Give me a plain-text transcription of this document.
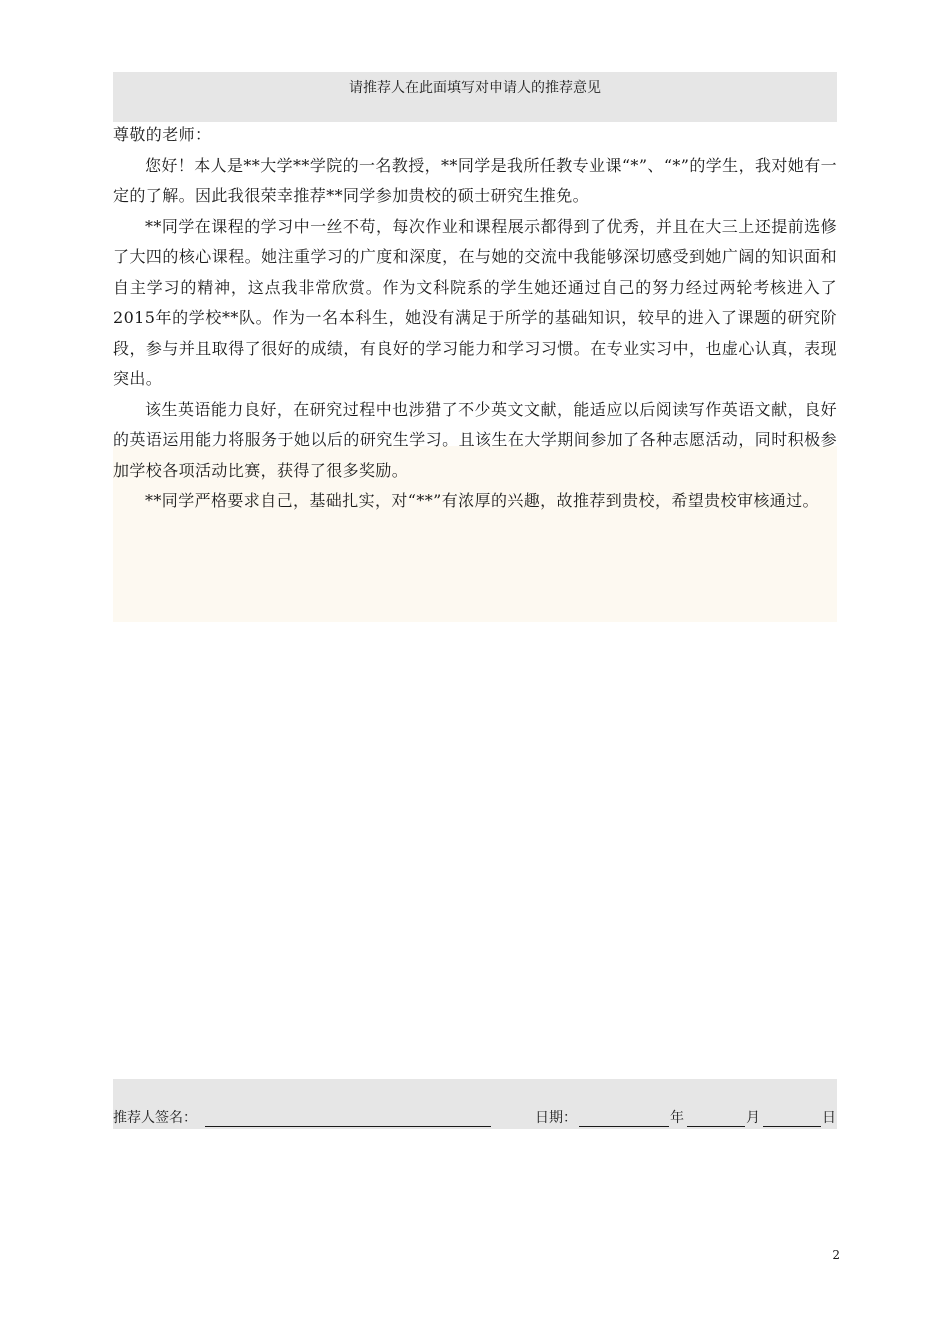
请推荐人在此面填写对申请人的推荐意见

尊敬的老师：

您好！本人是**大学**学院的一名教授，**同学是我所任教专业课“*”、“*”的学生，我对她有一定的了解。因此我很荣幸推荐**同学参加贵校的硕士研究生推免。

**同学在课程的学习中一丝不苟，每次作业和课程展示都得到了优秀，并且在大三上还提前选修了大四的核心课程。她注重学习的广度和深度，在与她的交流中我能够深切感受到她广阔的知识面和自主学习的精神，这点我非常欣赏。作为文科院系的学生她还通过自己的努力经过两轮考核进入了2015年的学校**队。作为一名本科生，她没有满足于所学的基础知识，较早的进入了课题的研究阶段，参与并且取得了很好的成绩，有良好的学习能力和学习习惯。在专业实习中，也虚心认真，表现突出。

该生英语能力良好，在研究过程中也涉猎了不少英文文献，能适应以后阅读写作英语文献，良好的英语运用能力将服务于她以后的研究生学习。且该生在大学期间参加了各种志愿活动，同时积极参加学校各项活动比赛，获得了很多奖励。

**同学严格要求自己，基础扎实，对“**”有浓厚的兴趣，故推荐到贵校，希望贵校审核通过。

推荐人签名：	日期：	年	月	日
2
